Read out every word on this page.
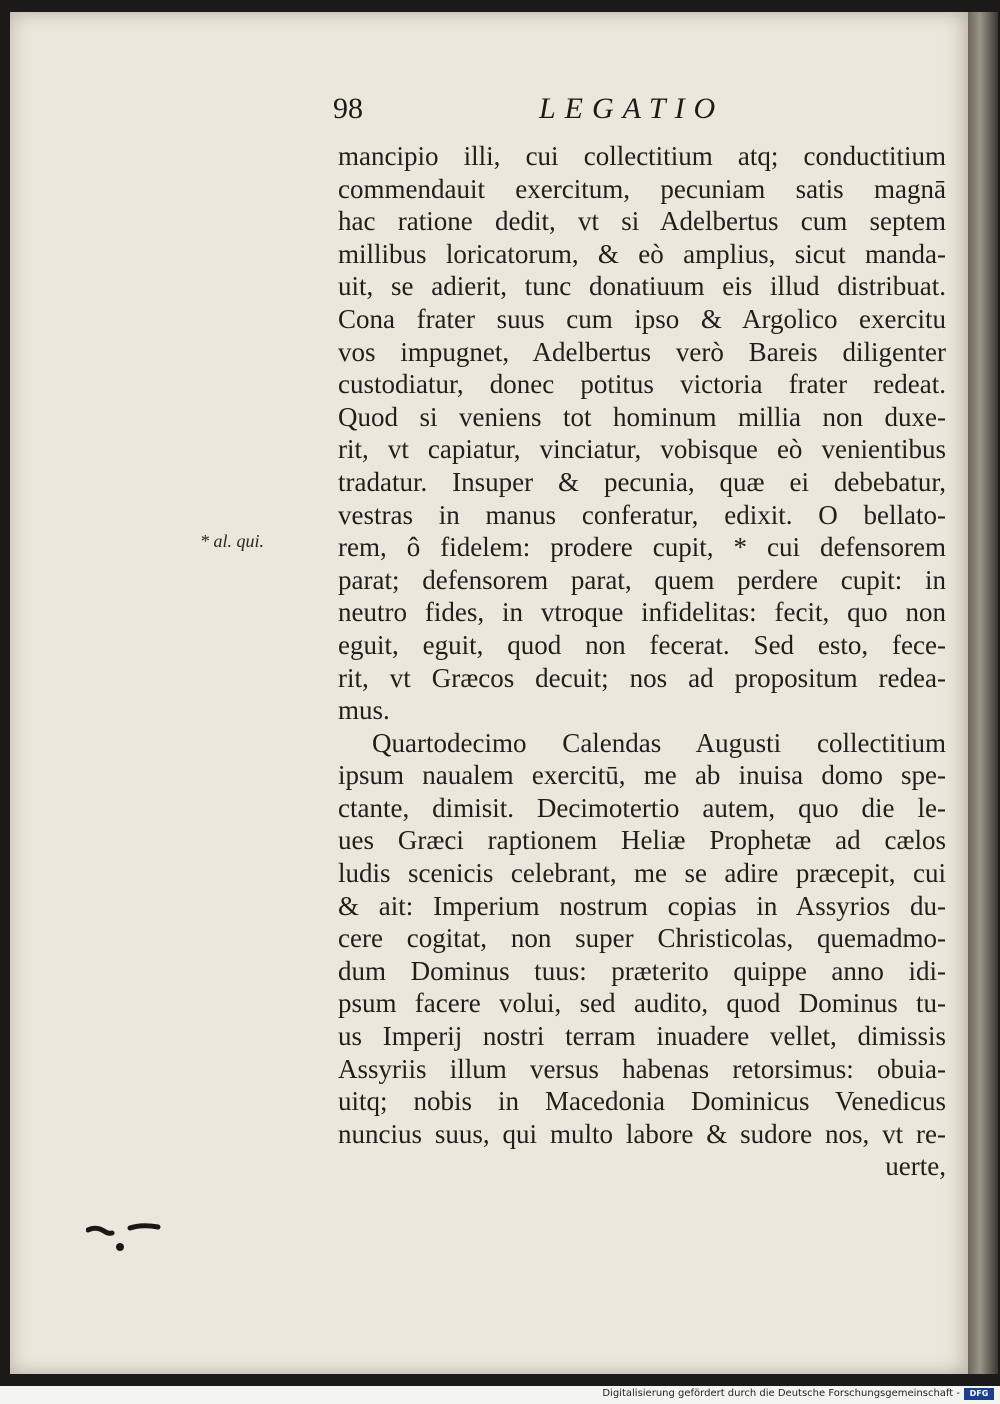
98	LEGATIO
* al. qui.
mancipio illi, cui collectitium atq; conductitium
commendauit exercitum, pecuniam satis magnā
hac ratione dedit, vt si Adelbertus cum septem
millibus loricatorum, & eò amplius, sicut manda-
uit, se adierit, tunc donatiuum eis illud distribuat.
Cona frater suus cum ipso & Argolico exercitu
vos impugnet, Adelbertus verò Bareis diligenter
custodiatur, donec potitus victoria frater redeat.
Quod si veniens tot hominum millia non duxe-
rit, vt capiatur, vinciatur, vobisque eò venientibus
tradatur. Insuper & pecunia, quæ ei debebatur,
vestras in manus conferatur, edixit. O bellato-
rem, ô fidelem: prodere cupit, * cui defensorem
parat; defensorem parat, quem perdere cupit: in
neutro fides, in vtroque infidelitas: fecit, quo non
eguit, eguit, quod non fecerat. Sed esto, fece-
rit, vt Græcos decuit; nos ad propositum redea-
mus.
Quartodecimo Calendas Augusti collectitium
ipsum naualem exercitū, me ab inuisa domo spe-
ctante, dimisit. Decimotertio autem, quo die le-
ues Græci raptionem Heliæ Prophetæ ad cælos
ludis scenicis celebrant, me se adire præcepit, cui
& ait: Imperium nostrum copias in Assyrios du-
cere cogitat, non super Christicolas, quemadmo-
dum Dominus tuus: præterito quippe anno idi-
psum facere volui, sed audito, quod Dominus tu-
us Imperij nostri terram inuadere vellet, dimissis
Assyriis illum versus habenas retorsimus: obuia-
uitq; nobis in Macedonia Dominicus Venedicus
nuncius suus, qui multo labore & sudore nos, vt re-
uerte,
Digitalisierung gefördert durch die Deutsche Forschungsgemeinschaft -	DFG
